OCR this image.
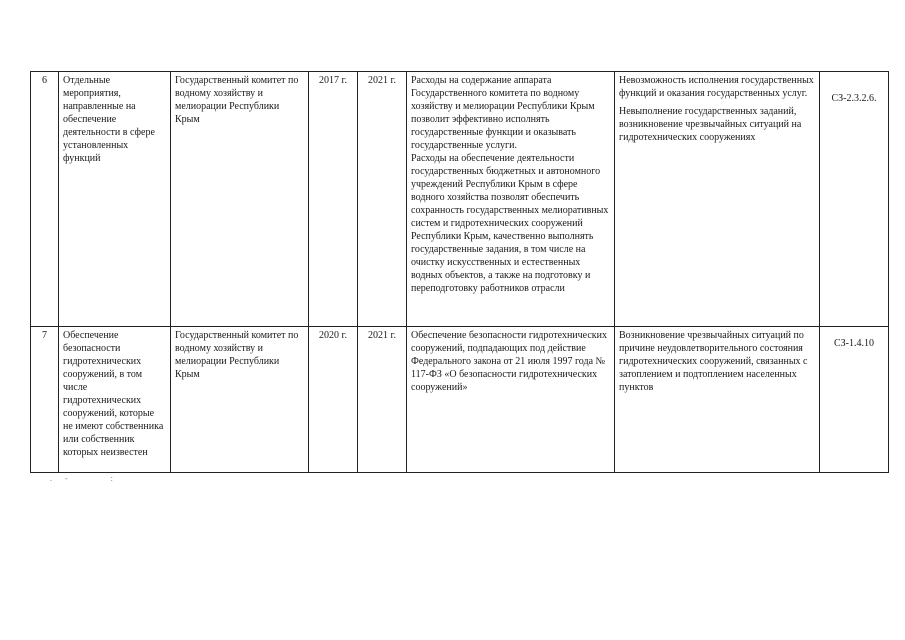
6	Отдельные мероприятия, направленные на обеспечение деятельности в сфере установленных функций	Государственный комитет по водному хозяйству и мелиорации Республики Крым	2017 г.	2021 г.	Расходы на содержание аппарата Государственного комитета по водному хозяйству и мелиорации Республики Крым позволит эффективно исполнять государственные функции и оказывать государственные услуги.
Расходы на обеспечение деятельности государственных бюджетных и автономного учреждений Республики Крым в сфере водного хозяйства позволят обеспечить сохранность государственных мелиоративных систем и гидротехнических сооружений Республики Крым, качественно выполнять государственные задания, в том числе на очистку искусственных и естественных водных объектов, а также на подготовку и переподготовку работников отрасли	Невозможность исполнения государственных функций и оказания государственных услуг.
Невыполнение государственных заданий, возникновение чрезвычайных ситуаций на гидротехнических сооружениях	СЗ-2.3.2.6.
7	Обеспечение безопасности гидротехнических сооружений, в том числе гидротехнических сооружений, которые не имеют собственника или собственник которых неизвестен	Государственный комитет по водному хозяйству и мелиорации Республики Крым	2020 г.	2021 г.	Обеспечение безопасности гидротехнических сооружений, подпадающих под действие Федерального закона от 21 июля 1997 года № 117-ФЗ «О безопасности гидротехнических сооружений»	Возникновение чрезвычайных ситуаций по причине неудовлетворительного состояния гидротехнических сооружений, связанных с затоплением и подтоплением населенных пунктов	СЗ-1.4.10
.  -        :
